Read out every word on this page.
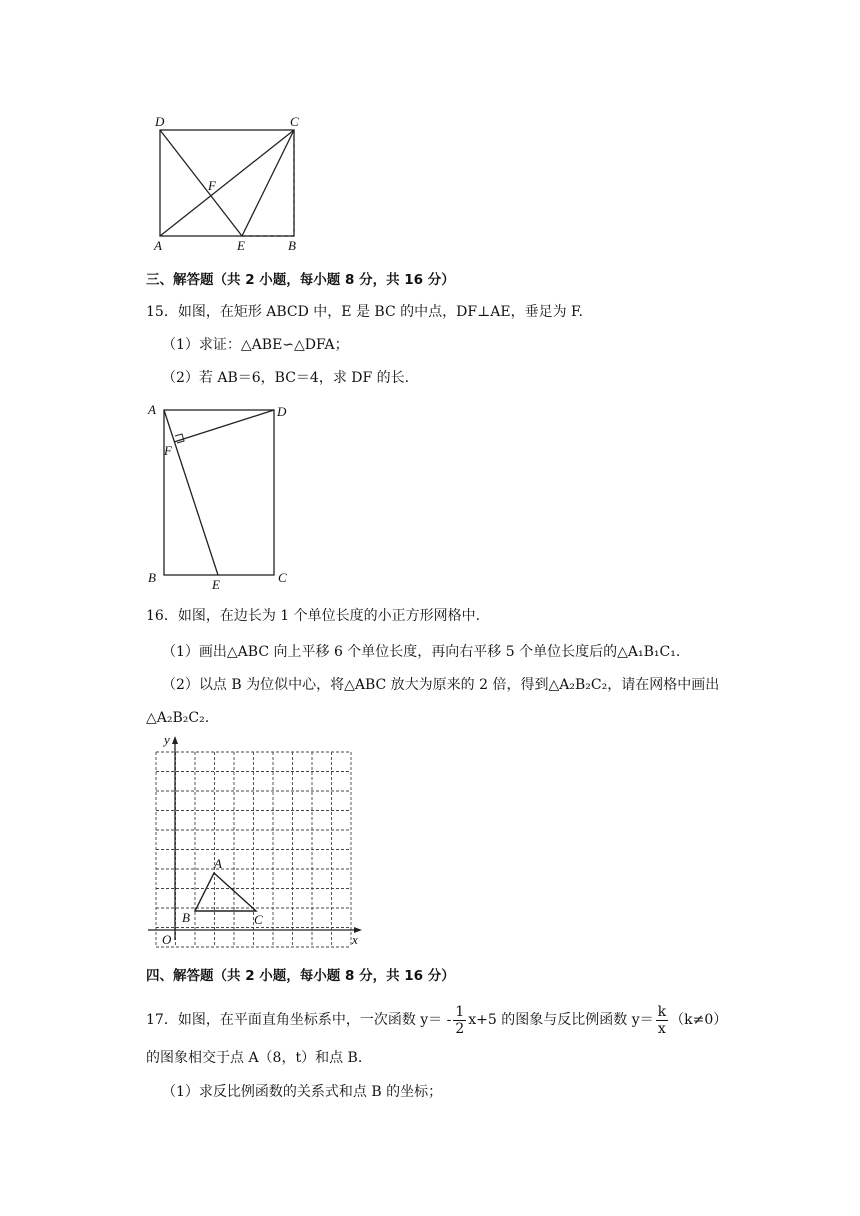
D	C
F
A	E	B
三、解答题（共 2 小题，每小题 8 分，共 16 分）
15．如图，在矩形 ABCD 中，E 是 BC 的中点，DF⊥AE，垂足为 F.
（1）求证：△ABE∽△DFA；
（2）若 AB＝6，BC＝4，求 DF 的长.
A	D
F
B	E	C
16．如图，在边长为 1 个单位长度的小正方形网格中.
（1）画出△ABC 向上平移 6 个单位长度，再向右平移 5 个单位长度后的△A₁B₁C₁.
（2）以点 B 为位似中心，将△ABC 放大为原来的 2 倍，得到△A₂B₂C₂，请在网格中画出
△A₂B₂C₂.
y
x
O
A
B	C
四、解答题（共 2 小题，每小题 8 分，共 16 分）
17．如图，在平面直角坐标系中，一次函数 $y= - \frac{1}{2} x+5$ 的图象与反比例函数 $y= \frac{k}{x} (k\ne 0)$
的图象相交于点 A（8，t）和点 B.
（1）求反比例函数的关系式和点 B 的坐标；
